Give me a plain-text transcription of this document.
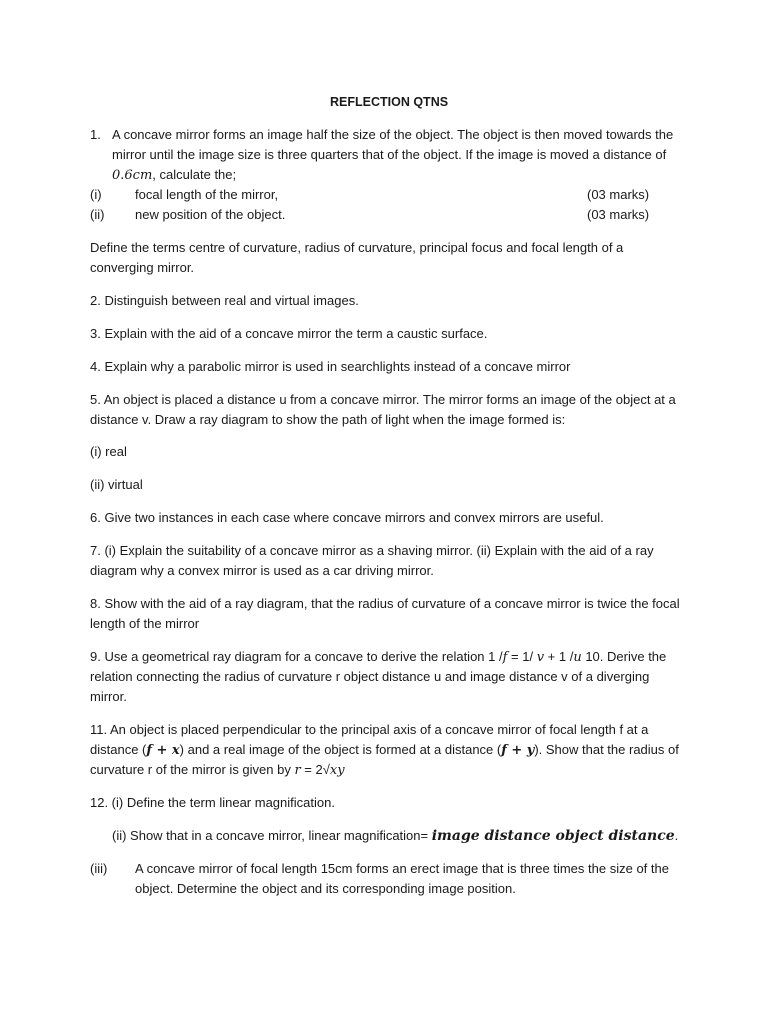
REFLECTION QTNS
1. A concave mirror forms an image half the size of the object. The object is then moved towards the
mirror until the image size is three quarters that of the object. If the image is moved a distance of
0.6𝑐𝑚, calculate the;
(i)	focal length of the mirror,	(03 marks)
(ii) new position of the object.	(03 marks)
Define the terms centre of curvature, radius of curvature, principal focus and focal length of a
converging mirror.
2. Distinguish between real and virtual images.
3. Explain with the aid of a concave mirror the term a caustic surface.
4. Explain why a parabolic mirror is used in searchlights instead of a concave mirror
5. An object is placed a distance u from a concave mirror. The mirror forms an image of the object at a
distance v. Draw a ray diagram to show the path of light when the image formed is:
(i) real
(ii) virtual
6. Give two instances in each case where concave mirrors and convex mirrors are useful.
7. (i) Explain the suitability of a concave mirror as a shaving mirror. (ii) Explain with the aid of a ray
diagram why a convex mirror is used as a car driving mirror.
8. Show with the aid of a ray diagram, that the radius of curvature of a concave mirror is twice the focal
length of the mirror
9. Use a geometrical ray diagram for a concave to derive the relation 1 /𝑓 = 1/ 𝑣 + 1 /𝑢 10. Derive the
relation connecting the radius of curvature r object distance u and image distance v of a diverging
mirror.
11. An object is placed perpendicular to the principal axis of a concave mirror of focal length f at a
distance (𝒇 + 𝒙) and a real image of the object is formed at a distance (𝒇 + 𝒚). Show that the radius of
curvature r of the mirror is given by 𝑟 = 2√𝑥𝑦
12. (i) Define the term linear magnification.
(ii) Show that in a concave mirror, linear magnification= 𝒊𝒎𝒂𝒈𝒆 𝒅𝒊𝒔𝒕𝒂𝒏𝒄𝒆 𝒐𝒃𝒋𝒆𝒄𝒕 𝒅𝒊𝒔𝒕𝒂𝒏𝒄𝒆.
(iii) A concave mirror of focal length 15cm forms an erect image that is three times the size of the
object. Determine the object and its corresponding image position.
